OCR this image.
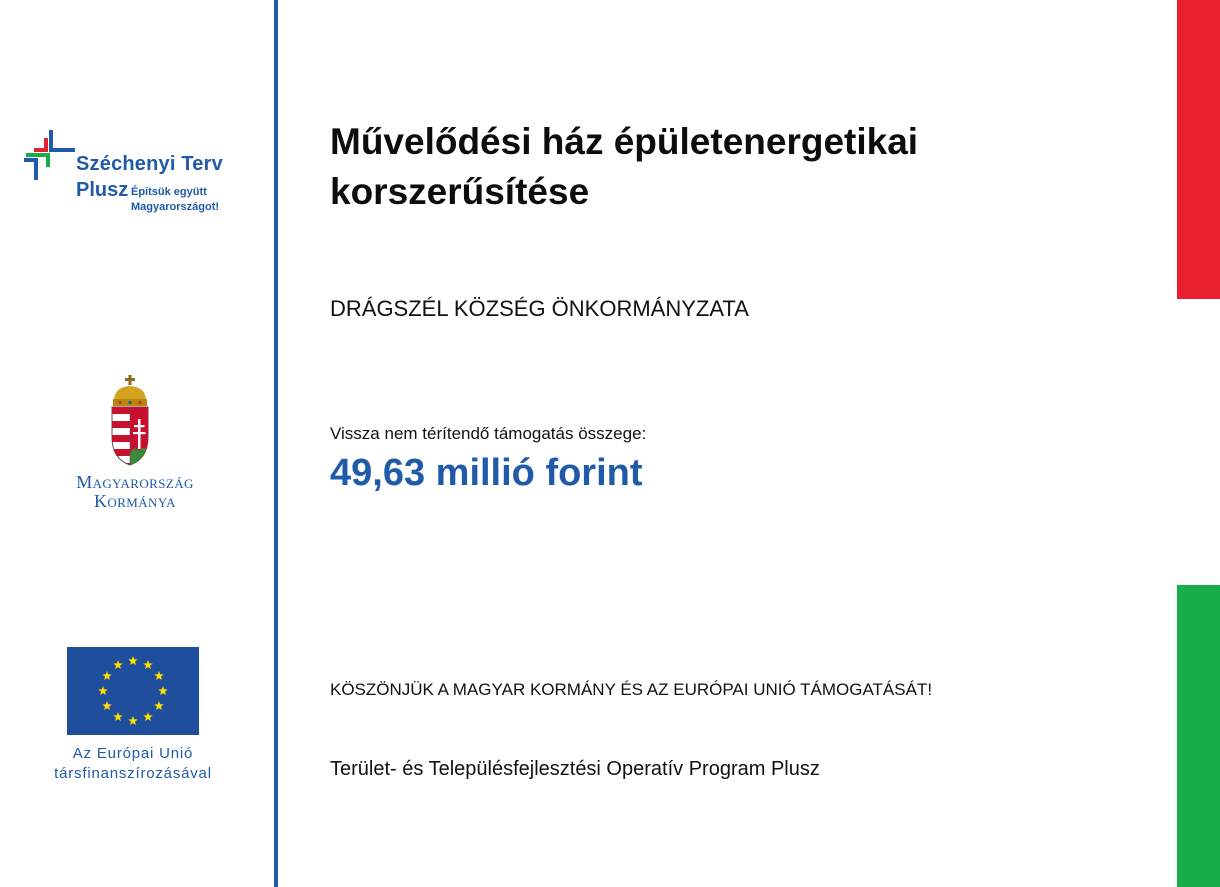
Széchenyi Terv
Plusz Építsük együtt
Magyarországot!
Magyarország
Kormánya
Az Európai Unió
társfinanszírozásával
Művelődési ház épületenergetikai korszerűsítése
DRÁGSZÉL KÖZSÉG ÖNKORMÁNYZATA
Vissza nem térítendő támogatás összege:
49,63 millió forint
KÖSZÖNJÜK A MAGYAR KORMÁNY ÉS AZ EURÓPAI UNIÓ TÁMOGATÁSÁT!
Terület- és Településfejlesztési Operatív Program Plusz
